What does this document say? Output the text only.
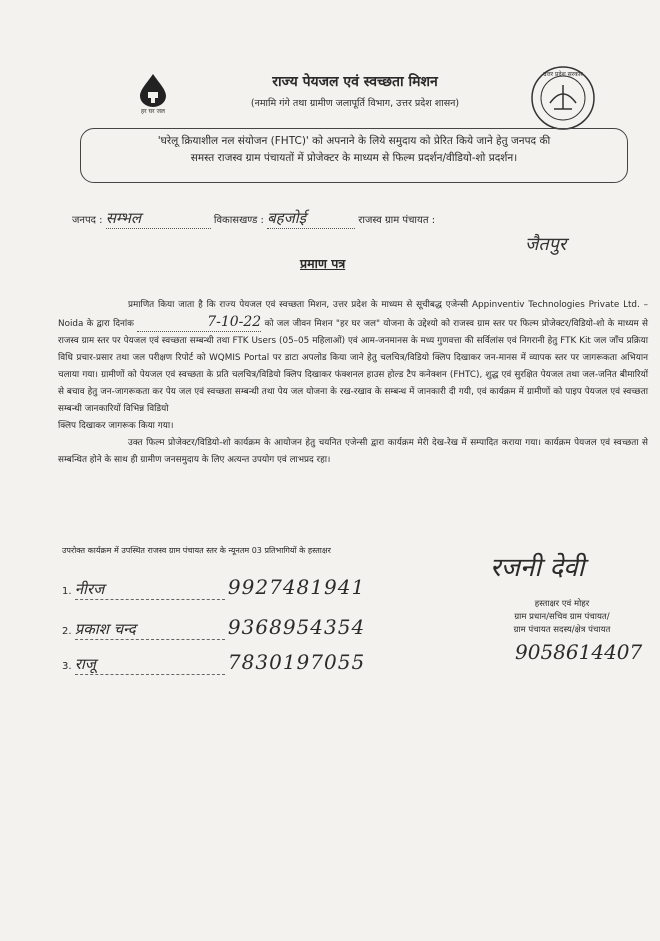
हर घर जल
राज्य पेयजल एवं स्वच्छता मिशन
(नमामि गंगे तथा ग्रामीण जलापूर्ति विभाग, उत्तर प्रदेश शासन)
उत्तर प्रदेश सरकार
'घरेलू क्रियाशील नल संयोजन (FHTC)' को अपनाने के लिये समुदाय को प्रेरित किये जाने हेतु जनपद की
समस्त राजस्व ग्राम पंचायतों में प्रोजेक्टर के माध्यम से फिल्म प्रदर्शन/वीडियो-शो प्रदर्शन।
जनपद : सम्भल	विकासखण्ड : बहजोई	राजस्व ग्राम पंचायत :
जैतपुर
प्रमाण पत्र

प्रमाणित किया जाता है कि राज्य पेयजल एवं स्वच्छता मिशन, उत्तर प्रदेश के माध्यम से सूचीबद्ध एजेन्सी Appinventiv Technologies Private Ltd. – Noida के द्वारा दिनांक	7-10-22 को जल जीवन मिशन "हर घर जल" योजना के उद्देश्यो को राजस्व ग्राम स्तर पर फिल्म प्रोजेक्टर/विडियो-शो के माध्यम से राजस्व ग्राम स्तर पर पेयजल एवं स्वच्छता सम्बन्धी तथा FTK Users (05–05 महिलाओं) एवं आम-जनमानस के मध्य गुणवत्ता की सर्विलांस एवं निगरानी हेतु FTK Kit जल जाँच प्रक्रिया विधि प्रचार-प्रसार तथा जल परीक्षण रिपोर्ट को WQMIS Portal पर डाटा अपलोड किया जाने हेतु चलचित्र/विडियो क्लिप दिखाकर जन-मानस में व्यापक स्तर पर जागरूकता अभियान चलाया गया। ग्रामीणों को पेयजल एवं स्वच्छता के प्रति चलचित्र/विडियो क्लिप दिखाकर फंक्शनल हाउस होल्ड टैप कनेक्शन (FHTC), शुद्ध एवं सुरक्षित पेयजल तथा जल-जनित बीमारियों से बचाव हेतु जन-जागरूकता कर पेय जल एवं स्वच्छता सम्बन्धी तथा पेय जल योजना के रख-रखाव के सम्बन्ध में जानकारी दी गयी, एवं कार्यक्रम में ग्रामीणों को पाइप पेयजल एवं स्वच्छता सम्बन्धी जानकारियों विभिन्न विडियो

क्लिप दिखाकर जागरूक किया गया।

उक्त फिल्म प्रोजेक्टर/विडियो-शो कार्यक्रम के आयोजन हेतु चयनित एजेन्सी द्वारा कार्यक्रम मेरी देख-रेख में सम्पादित कराया गया। कार्यक्रम पेयजल एवं स्वच्छता से सम्बन्धित होने के साथ ही ग्रामीण जनसमुदाय के लिए अत्यन्त उपयोग एवं लाभप्रद रहा।

उपरोक्त कार्यक्रम में उपस्थित राजस्व ग्राम पंचायत स्तर के न्यूनतम 03 प्रतिभागियों के हस्ताक्षर
1. नीरज	9927481941
2. प्रकाश चन्द	9368954354
3. राजू	7830197055
रजनी देवी
हस्ताक्षर एवं मोहर
ग्राम प्रधान/सचिव ग्राम पंचायत/
ग्राम पंचायत सदस्य/क्षेत्र पंचायत
9058614407
